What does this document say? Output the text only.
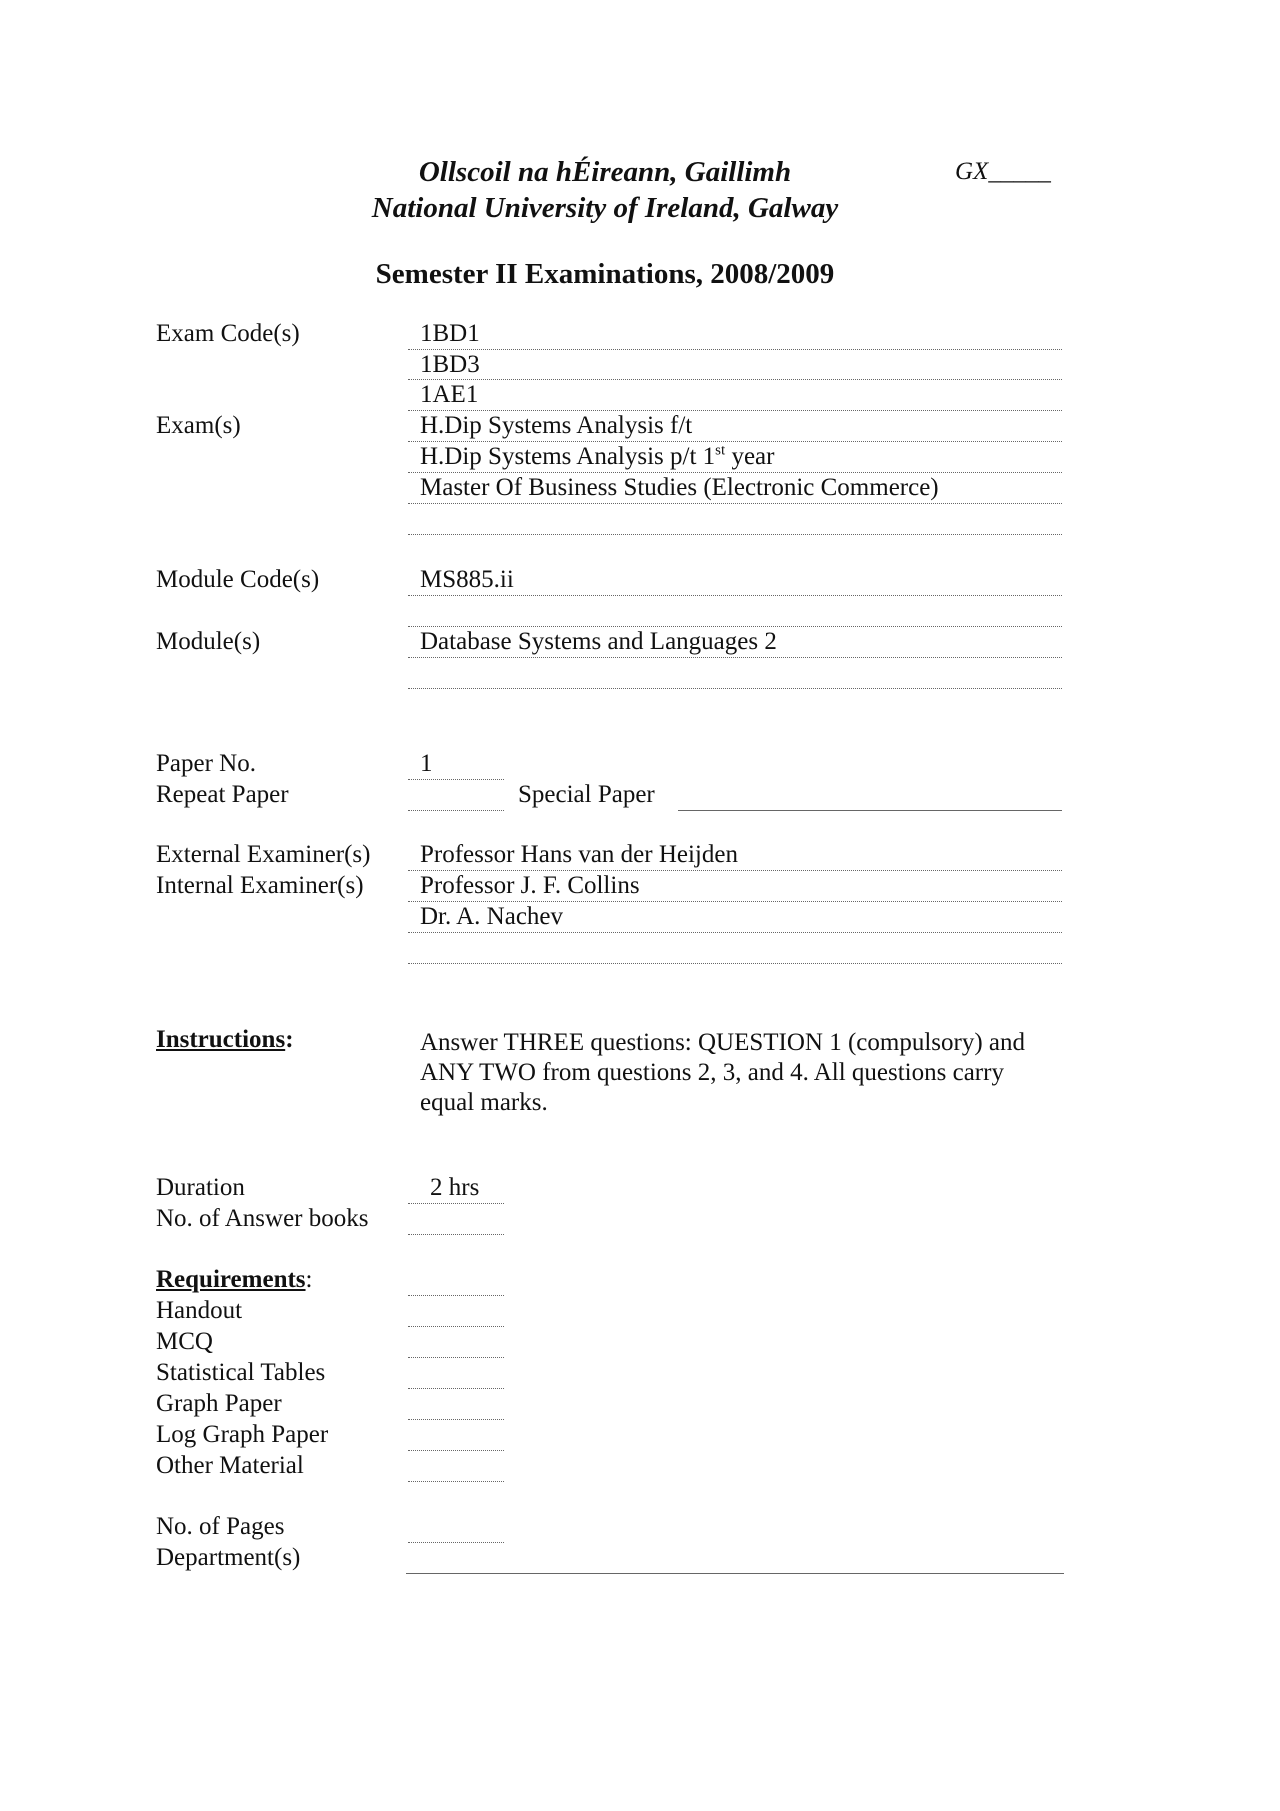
Ollscoil na hÉireann, Gaillimh
National University of Ireland, Galway
GX_____
Semester II Examinations, 2008/2009
Exam Code(s)	1BD1
1BD3
1AE1
Exam(s)	H.Dip Systems Analysis f/t
H.Dip Systems Analysis p/t 1st year
Master Of Business Studies (Electronic Commerce)
Module Code(s)	MS885.ii
Module(s)	Database Systems and Languages 2
Paper No.	1
Repeat Paper	Special Paper
External Examiner(s) Professor Hans van der Heijden
Internal Examiner(s) Professor J. F. Collins
Dr. A. Nachev
Instructions:	Answer THREE questions: QUESTION 1 (compulsory) and ANY TWO from questions 2, 3, and 4. All questions carry equal marks.
Duration	2 hrs
No. of Answer books
Requirements:
Handout
MCQ
Statistical Tables
Graph Paper
Log Graph Paper
Other Material
No. of Pages
Department(s)
